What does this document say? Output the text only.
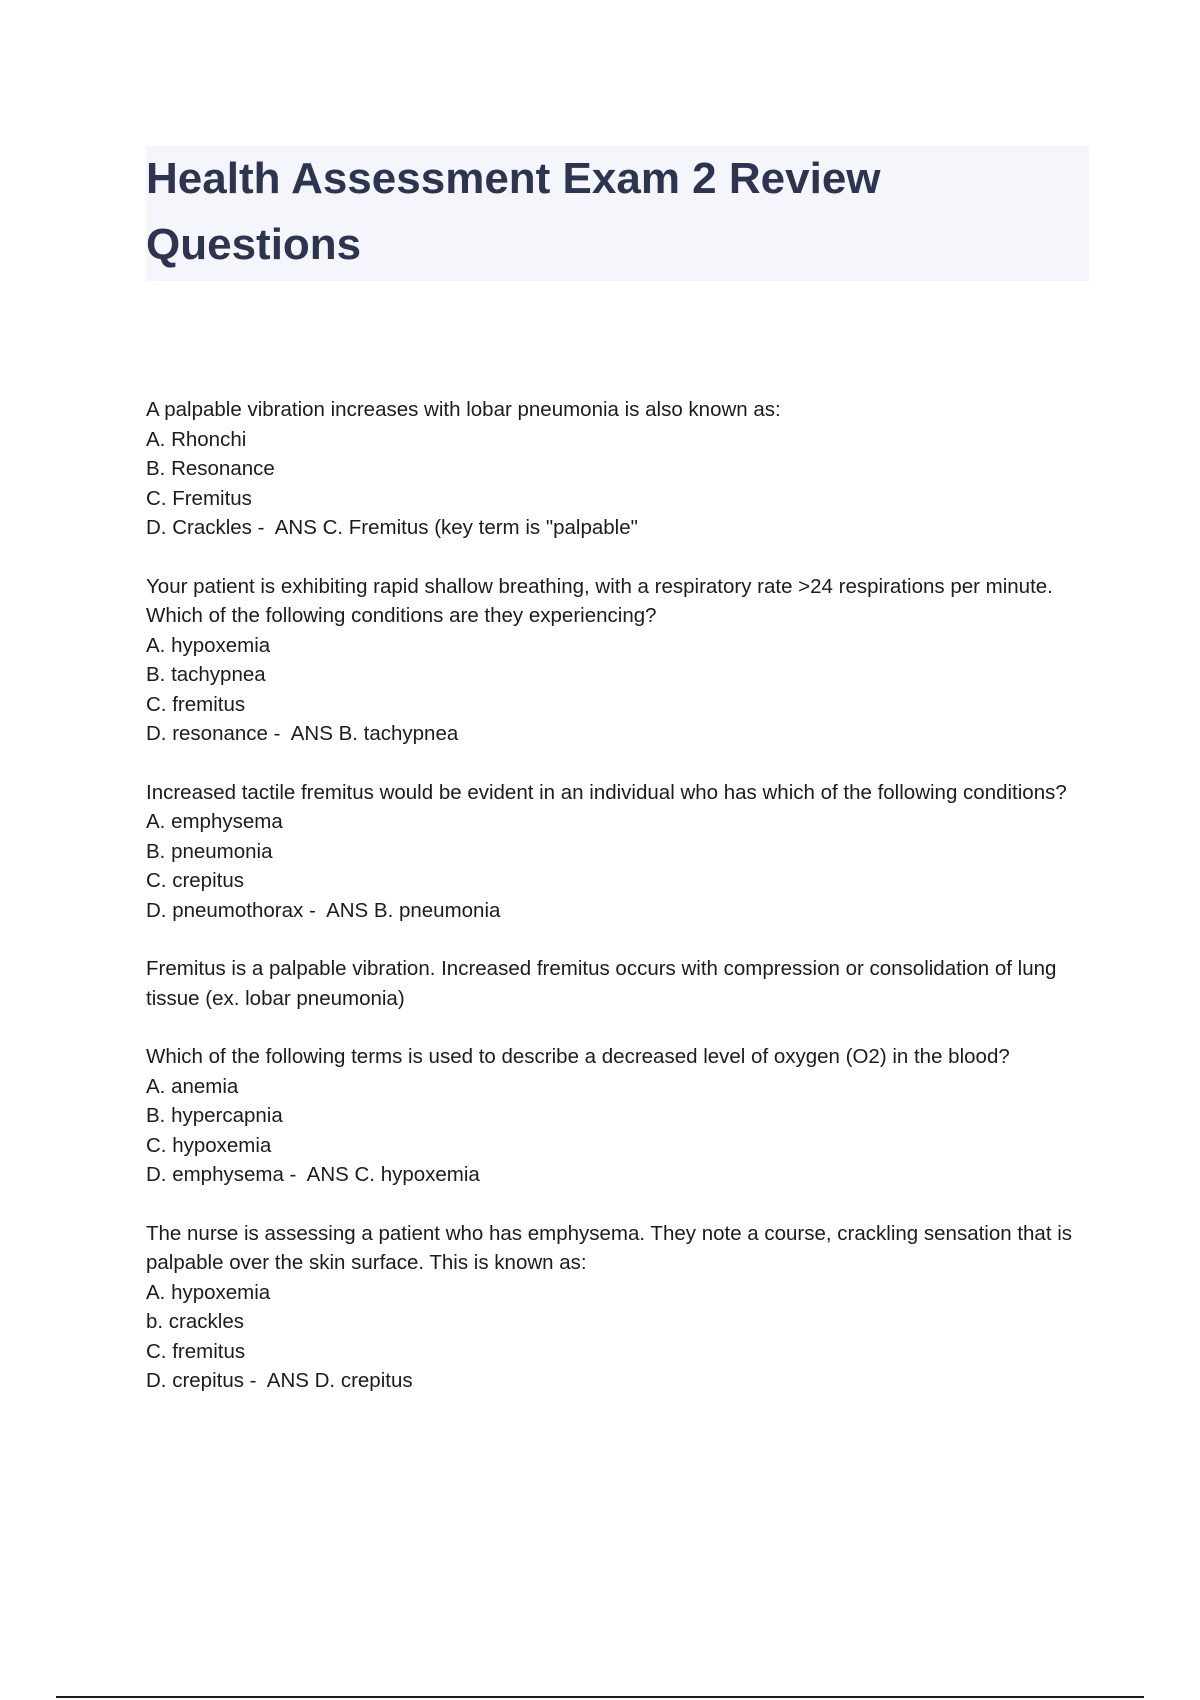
Health Assessment Exam 2 Review Questions
A palpable vibration increases with lobar pneumonia is also known as:
A. Rhonchi
B. Resonance
C. Fremitus
D. Crackles -  ANS C. Fremitus (key term is "palpable"
Your patient is exhibiting rapid shallow breathing, with a respiratory rate >24 respirations per minute. Which of the following conditions are they experiencing?
A. hypoxemia
B. tachypnea
C. fremitus
D. resonance -  ANS B. tachypnea
Increased tactile fremitus would be evident in an individual who has which of the following conditions?
A. emphysema
B. pneumonia
C. crepitus
D. pneumothorax -  ANS B. pneumonia
Fremitus is a palpable vibration. Increased fremitus occurs with compression or consolidation of lung tissue (ex. lobar pneumonia)
Which of the following terms is used to describe a decreased level of oxygen (O2) in the blood?
A. anemia
B. hypercapnia
C. hypoxemia
D. emphysema -  ANS C. hypoxemia
The nurse is assessing a patient who has emphysema. They note a course, crackling sensation that is palpable over the skin surface. This is known as:
A. hypoxemia
b. crackles
C. fremitus
D. crepitus -  ANS D. crepitus
